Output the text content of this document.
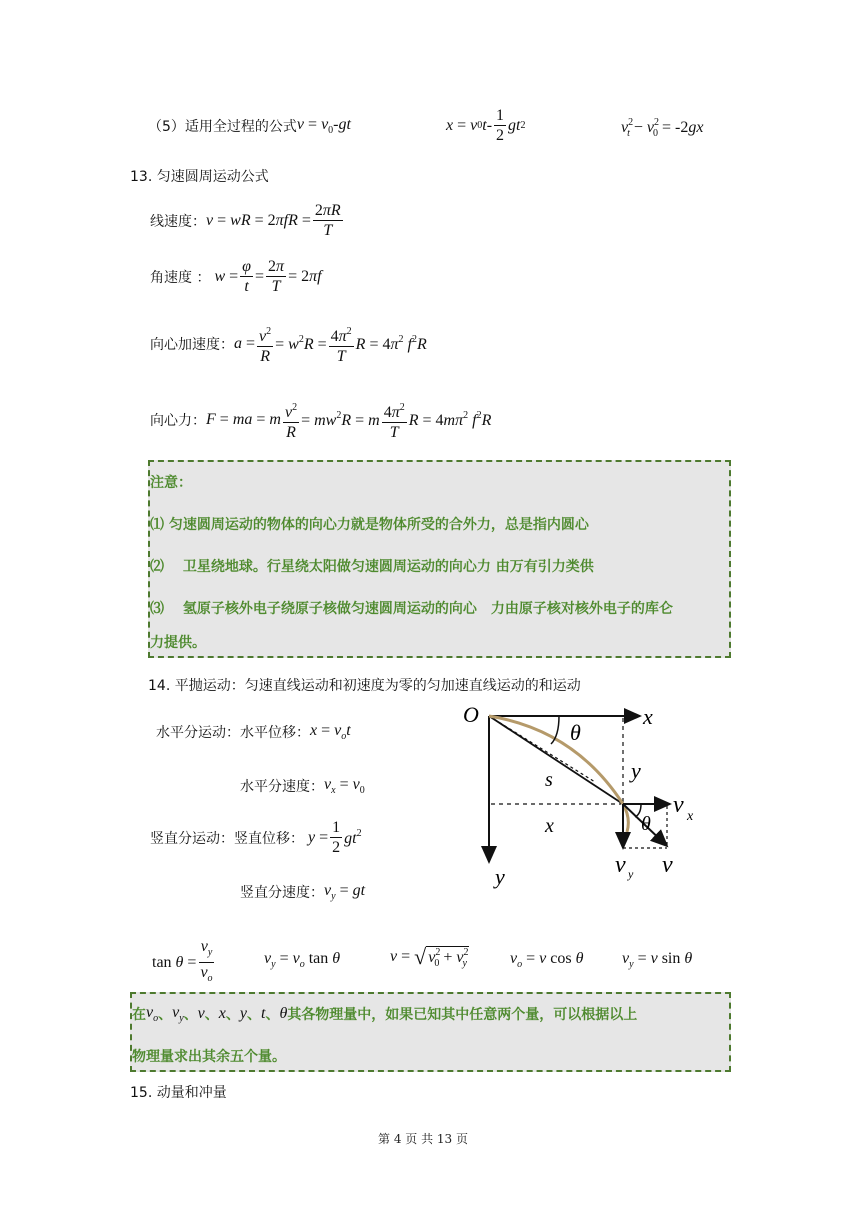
（5）适用全过程的公式 $v = v_0-gt$	x = v 0 t - $\frac{1}{2}$ gt 2	$v^2_t - v^2_0 = -2gx$
13. 匀速圆周运动公式
线速度： v = wR = $2\pi fR = \frac{2\pi R}{T}$
角速度 ： $w = \frac{\varphi}{t} = \frac{2\pi}{T} = 2\pi f$
向心加速度： $a = \frac{v^2}{R} = w^2R = \frac{4\pi^2}{T}$ $R = 4\pi^2$ $f^2R$
向心力： F = ma = m $\frac{v^2}{R} = mw^2R = m \frac{4\pi^2}{T}$ $R = 4m\pi^2$ $f^2R$
注意：
⑴ 匀速圆周运动的物体的向心力就是物体所受的合外力，总是指内圆心
⑵ 　卫星绕地球。行星绕太阳做匀速圆周运动的向心力 由万有引力类供
⑶ 　氢原子核外电子绕原子核做匀速圆周运动的向心　力由原子核对核外电子的库仑
力提供。
14. 平抛运动：匀速直线运动和初速度为零的匀加速直线运动的和运动
水平分运动： 水平位移： $x = v_ot$
水平分速度： $v_x = v_0$
竖直分运动： 竖直位移： $y = \frac{1}{2} gt^2$
竖直分速度： $v_y$ = gt
O	x
y
θ
y
s
x	θ
v x
v y v
$\tan \theta = \frac{v_y}{v_o}$	$v_y = v_o$ tan θ	v = √ $v^2_0 + v^2_y$	$v_o = v$ cos θ $v_y = v$ sin θ
在 $v_o$ 、 $v_y$ 、 v 、 x 、 y 、 t 、 θ 其各物理量中，如果已知其中任意两个量，可以根据以上
物理量求出其余五个量。
15. 动量和冲量
第 4 页 共 13 页
